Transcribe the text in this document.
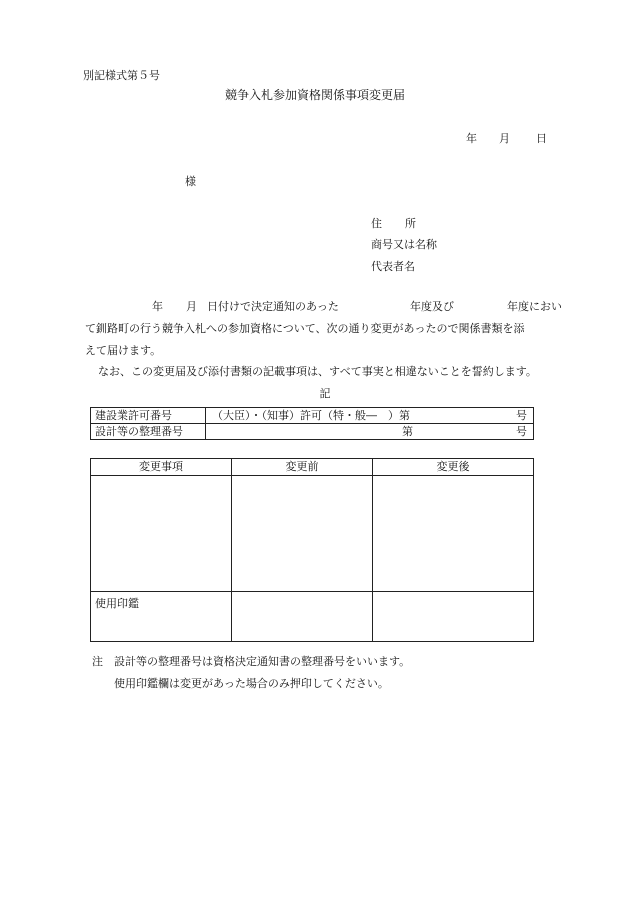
別記様式第５号
競争入札参加資格関係事項変更届
年 月 日
様
住 所
商号又は名称
代表者名
年 月 日付けで決定通知のあった	年度及び	年度におい
て釧路町の行う競争入札への参加資格について、次の通り変更があったので関係書類を添
えて届けます。
なお、この変更届及び添付書類の記載事項は、すべて事実と相違ないことを誓約します。
記
建設業許可番号	（大臣）・（知事）許可（特・般―　）第 号

設計等の整理番号	第 号
変更事項	変更前	変更後

使用印鑑		
注　設計等の整理番号は資格決定通知書の整理番号をいいます。
使用印鑑欄は変更があった場合のみ押印してください。
